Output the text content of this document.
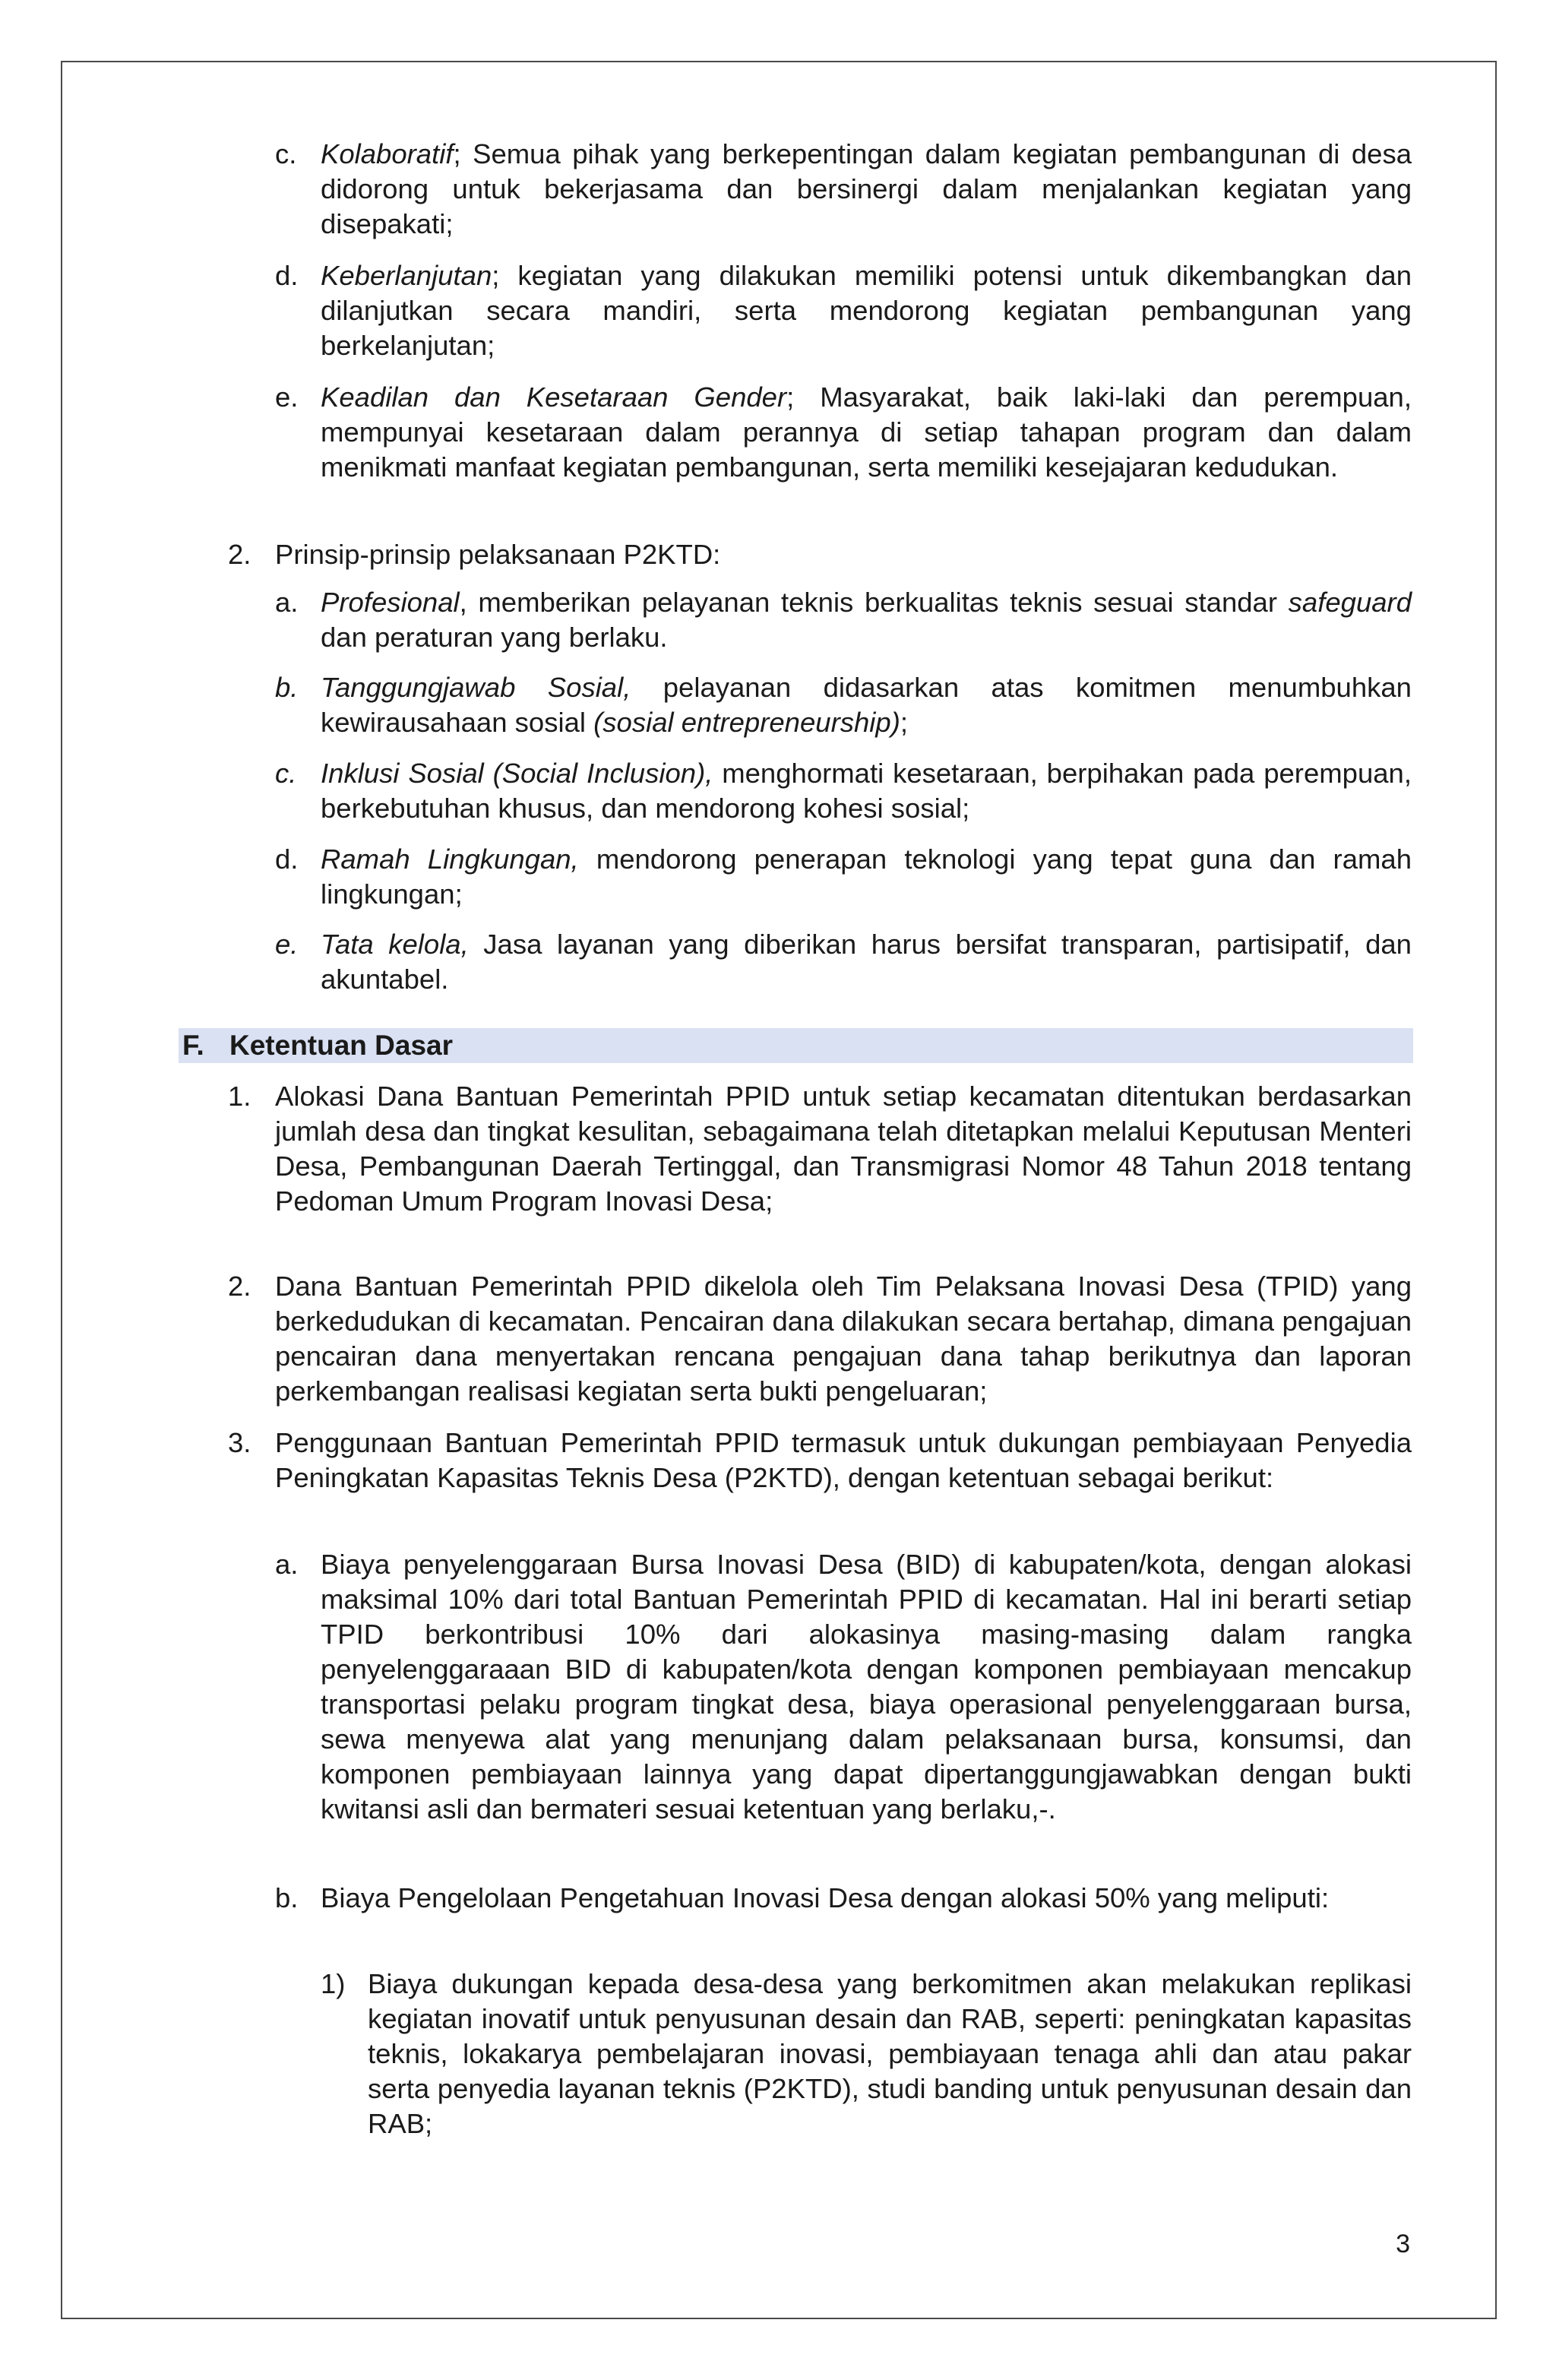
c. Kolaboratif; Semua pihak yang berkepentingan dalam kegiatan pembangunan di desa didorong untuk bekerjasama dan bersinergi dalam menjalankan kegiatan yang disepakati;
d. Keberlanjutan; kegiatan yang dilakukan memiliki potensi untuk dikembangkan dan dilanjutkan secara mandiri, serta mendorong kegiatan pembangunan yang berkelanjutan;
e. Keadilan dan Kesetaraan Gender; Masyarakat, baik laki-laki dan perempuan, mempunyai kesetaraan dalam perannya di setiap tahapan program dan dalam menikmati manfaat kegiatan pembangunan, serta memiliki kesejajaran kedudukan.
2. Prinsip-prinsip pelaksanaan P2KTD:
a. Profesional, memberikan pelayanan teknis berkualitas teknis sesuai standar safeguard dan peraturan yang berlaku.
b. Tanggungjawab Sosial, pelayanan didasarkan atas komitmen menumbuhkan kewirausahaan sosial (sosial entrepreneurship);
c. Inklusi Sosial (Social Inclusion), menghormati kesetaraan, berpihakan pada perempuan, berkebutuhan khusus, dan mendorong kohesi sosial;
d. Ramah Lingkungan, mendorong penerapan teknologi yang tepat guna dan ramah lingkungan;
e. Tata kelola, Jasa layanan yang diberikan harus bersifat transparan, partisipatif, dan akuntabel.
F. Ketentuan Dasar
1. Alokasi Dana Bantuan Pemerintah PPID untuk setiap kecamatan ditentukan berdasarkan jumlah desa dan tingkat kesulitan, sebagaimana telah ditetapkan melalui Keputusan Menteri Desa, Pembangunan Daerah Tertinggal, dan Transmigrasi Nomor 48 Tahun 2018 tentang Pedoman Umum Program Inovasi Desa;
2. Dana Bantuan Pemerintah PPID dikelola oleh Tim Pelaksana Inovasi Desa (TPID) yang berkedudukan di kecamatan. Pencairan dana dilakukan secara bertahap, dimana pengajuan pencairan dana menyertakan rencana pengajuan dana tahap berikutnya dan laporan perkembangan realisasi kegiatan serta bukti pengeluaran;
3. Penggunaan Bantuan Pemerintah PPID termasuk untuk dukungan pembiayaan Penyedia Peningkatan Kapasitas Teknis Desa (P2KTD), dengan ketentuan sebagai berikut:
a. Biaya penyelenggaraan Bursa Inovasi Desa (BID) di kabupaten/kota, dengan alokasi maksimal 10% dari total Bantuan Pemerintah PPID di kecamatan. Hal ini berarti setiap TPID berkontribusi 10% dari alokasinya masing-masing dalam rangka penyelenggaraaan BID di kabupaten/kota dengan komponen pembiayaan mencakup transportasi pelaku program tingkat desa, biaya operasional penyelenggaraan bursa, sewa menyewa alat yang menunjang dalam pelaksanaan bursa, konsumsi, dan komponen pembiayaan lainnya yang dapat dipertanggungjawabkan dengan bukti kwitansi asli dan bermateri sesuai ketentuan yang berlaku,-.
b. Biaya Pengelolaan Pengetahuan Inovasi Desa dengan alokasi 50% yang meliputi:
1) Biaya dukungan kepada desa-desa yang berkomitmen akan melakukan replikasi kegiatan inovatif untuk penyusunan desain dan RAB, seperti: peningkatan kapasitas teknis, lokakarya pembelajaran inovasi, pembiayaan tenaga ahli dan atau pakar serta penyedia layanan teknis (P2KTD), studi banding untuk penyusunan desain dan RAB;
3
